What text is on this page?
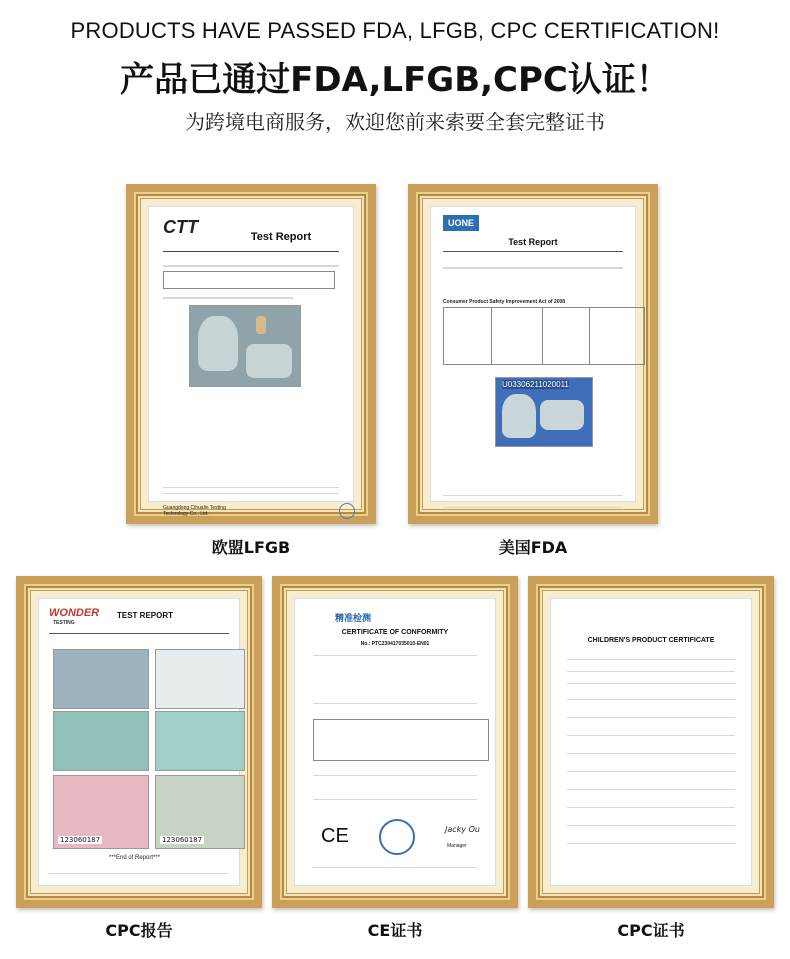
PRODUCTS HAVE PASSED FDA, LFGB, CPC CERTIFICATION!
产品已通过FDA,LFGB,CPC认证！
为跨境电商服务，欢迎您前来索要全套完整证书
CTT	Test Report
Guangdong Cihualin Testing Technology Co., Ltd.
欧盟LFGB
UONE
Test Report
Consumer Product Safety Improvement Act of 2008
U03306211020011
美国FDA
WONDER
TESTING
TEST REPORT
123060187	123060187
***End of Report***
CPC报告
精准检测
CERTIFICATE OF CONFORMITY
No.: PTC230417035010-EN01
CE	Jacky Ou
Manager
CE证书
CHILDREN'S PRODUCT CERTIFICATE
CPC证书
